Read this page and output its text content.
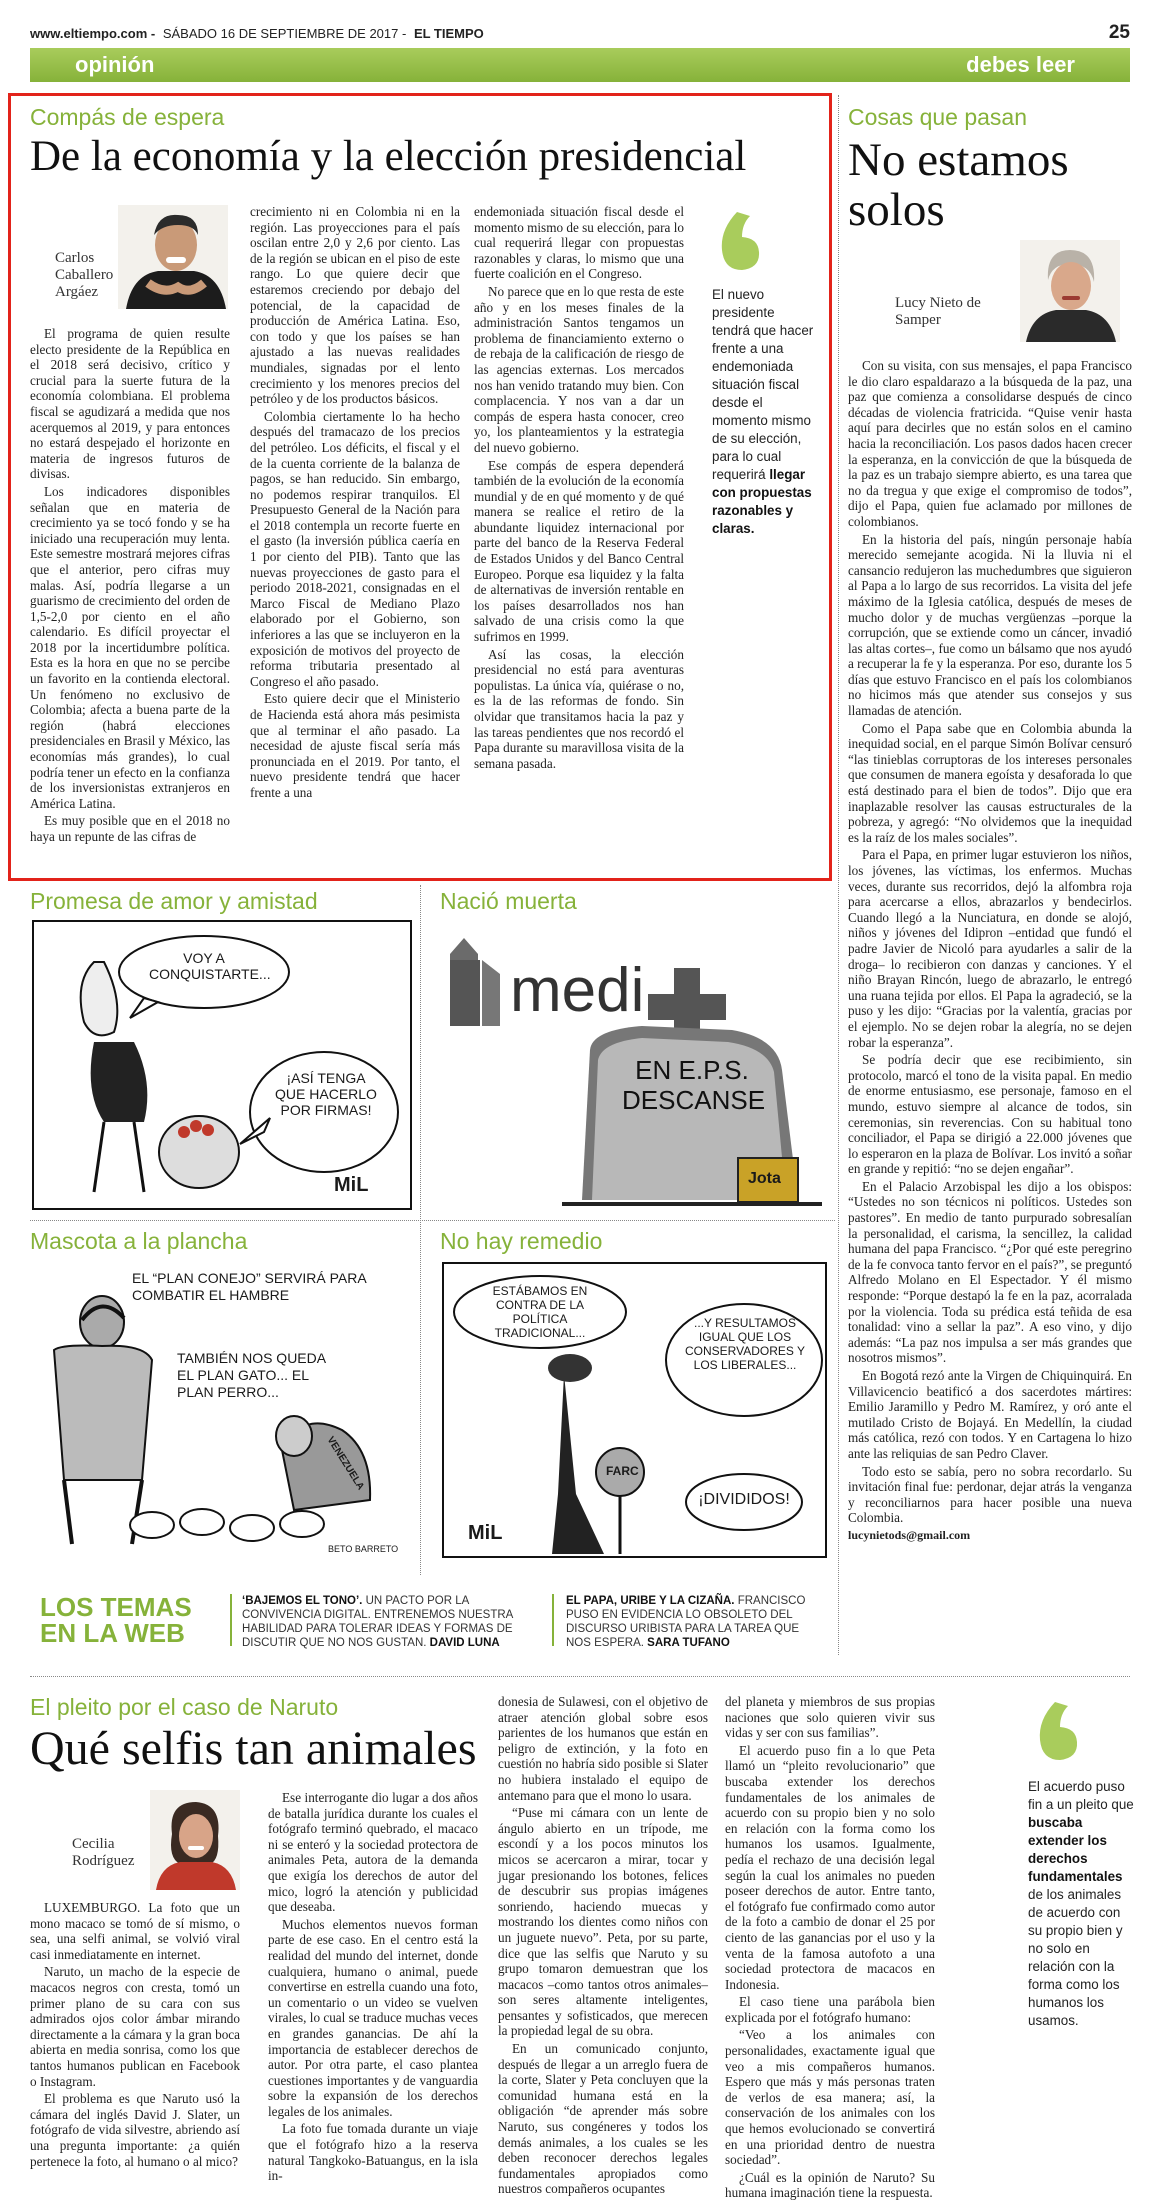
www.eltiempo.com - SÁBADO 16 DE SEPTIEMBRE DE 2017 - EL TIEMPO	25
opinión	debes leer
Compás de espera
De la economía y la elección presidencial
Carlos Caballero Argáez

El programa de quien resulte electo presidente de la República en el 2018 será decisivo, crítico y crucial para la suerte futura de la economía colombiana. El problema fiscal se agudizará a medida que nos acerquemos al 2019, y para entonces no estará despejado el horizonte en materia de ingresos futuros de divisas.

Los indicadores disponibles señalan que en materia de crecimiento ya se tocó fondo y se ha iniciado una recuperación muy lenta. Este semestre mostrará mejores cifras que el anterior, pero cifras muy malas. Así, podría llegarse a un guarismo de crecimiento del orden de 1,5-2,0 por ciento en el año calendario. Es difícil proyectar el 2018 por la incertidumbre política. Esta es la hora en que no se percibe un favorito en la contienda electoral. Un fenómeno no exclusivo de Colombia; afecta a buena parte de la región (habrá elecciones presidenciales en Brasil y México, las economías más grandes), lo cual podría tener un efecto en la confianza de los inversionistas extranjeros en América Latina.

Es muy posible que en el 2018 no haya un repunte de las cifras de

crecimiento ni en Colombia ni en la región. Las proyecciones para el país oscilan entre 2,0 y 2,6 por ciento. Las de la región se ubican en el piso de este rango. Lo que quiere decir que estaremos creciendo por debajo del potencial, de la capacidad de producción de América Latina. Eso, con todo y que los países se han ajustado a las nuevas realidades mundiales, signadas por el lento crecimiento y los menores precios del petróleo y de los productos básicos.

Colombia ciertamente lo ha hecho después del tramacazo de los precios del petróleo. Los déficits, el fiscal y el de la cuenta corriente de la balanza de pagos, se han reducido. Sin embargo, no podemos respirar tranquilos. El Presupuesto General de la Nación para el 2018 contempla un recorte fuerte en el gasto (la inversión pública caería en 1 por ciento del PIB). Tanto que las nuevas proyecciones de gasto para el periodo 2018-2021, consignadas en el Marco Fiscal de Mediano Plazo elaborado por el Gobierno, son inferiores a las que se incluyeron en la exposición de motivos del proyecto de reforma tributaria presentado al Congreso el año pasado.

Esto quiere decir que el Ministerio de Hacienda está ahora más pesimista que al terminar el año pasado. La necesidad de ajuste fiscal sería más pronunciada en el 2019. Por tanto, el nuevo presidente tendrá que hacer frente a una

endemoniada situación fiscal desde el momento mismo de su elección, para lo cual requerirá llegar con propuestas razonables y claras, lo mismo que una fuerte coalición en el Congreso.

No parece que en lo que resta de este año y en los meses finales de la administración Santos tengamos un problema de financiamiento externo o de rebaja de la calificación de riesgo de las agencias externas. Los mercados nos han venido tratando muy bien. Con complacencia. Y nos van a dar un compás de espera hasta conocer, creo yo, los planteamientos y la estrategia del nuevo gobierno.

Ese compás de espera dependerá también de la evolución de la economía mundial y de en qué momento y de qué manera se realice el retiro de la abundante liquidez internacional por parte del banco de la Reserva Federal de Estados Unidos y del Banco Central Europeo. Porque esa liquidez y la falta de alternativas de inversión rentable en los países desarrollados nos han salvado de una crisis como la que sufrimos en 1999.

Así las cosas, la elección presidencial no está para aventuras populistas. La única vía, quiérase o no, es la de las reformas de fondo. Sin olvidar que transitamos hacia la paz y las tareas pendientes que nos recordó el Papa durante su maravillosa visita de la semana pasada.

El nuevo presidente tendrá que hacer frente a una endemoniada situación fiscal desde el momento mismo de su elección, para lo cual requerirá llegar con propuestas razonables y claras.
Cosas que pasan
No estamos solos
Lucy Nieto de Samper

Con su visita, con sus mensajes, el papa Francisco le dio claro espaldarazo a la búsqueda de la paz, una paz que comienza a consolidarse después de cinco décadas de violencia fratricida. “Quise venir hasta aquí para decirles que no están solos en el camino hacia la reconciliación. Los pasos dados hacen crecer la esperanza, en la convicción de que la búsqueda de la paz es un trabajo siempre abierto, es una tarea que no da tregua y que exige el compromiso de todos”, dijo el Papa, quien fue aclamado por millones de colombianos.

En la historia del país, ningún personaje había merecido semejante acogida. Ni la lluvia ni el cansancio redujeron las muchedumbres que siguieron al Papa a lo largo de sus recorridos. La visita del jefe máximo de la Iglesia católica, después de meses de mucho dolor y de muchas vergüenzas –porque la corrupción, que se extiende como un cáncer, invadió las altas cortes–, fue como un bálsamo que nos ayudó a recuperar la fe y la esperanza. Por eso, durante los 5 días que estuvo Francisco en el país los colombianos no hicimos más que atender sus consejos y sus llamadas de atención.

Como el Papa sabe que en Colombia abunda la inequidad social, en el parque Simón Bolívar censuró “las tinieblas corruptoras de los intereses personales que consumen de manera egoísta y desaforada lo que está destinado para el bien de todos”. Dijo que era inaplazable resolver las causas estructurales de la pobreza, y agregó: “No olvidemos que la inequidad es la raíz de los males sociales”.

Para el Papa, en primer lugar estuvieron los niños, los jóvenes, las víctimas, los enfermos. Muchas veces, durante sus recorridos, dejó la alfombra roja para acercarse a ellos, abrazarlos y bendecirlos. Cuando llegó a la Nunciatura, en donde se alojó, niños y jóvenes del Idipron –entidad que fundó el padre Javier de Nicoló para ayudarles a salir de la droga– lo recibieron con danzas y canciones. Y el niño Brayan Rincón, luego de abrazarlo, le entregó una ruana tejida por ellos. El Papa la agradeció, se la puso y les dijo: “Gracias por la valentía, gracias por el ejemplo. No se dejen robar la alegría, no se dejen robar la esperanza”.

Se podría decir que ese recibimiento, sin protocolo, marcó el tono de la visita papal. En medio de enorme entusiasmo, ese personaje, famoso en el mundo, estuvo siempre al alcance de todos, sin ceremonias, sin reverencias. Con su habitual tono conciliador, el Papa se dirigió a 22.000 jóvenes que lo esperaron en la plaza de Bolívar. Los invitó a soñar en grande y repitió: “no se dejen engañar”.

En el Palacio Arzobispal les dijo a los obispos: “Ustedes no son técnicos ni políticos. Ustedes son pastores”. En medio de tanto purpurado sobresalían la personalidad, el carisma, la sencillez, la calidad humana del papa Francisco. “¿Por qué este peregrino de la fe convoca tanto fervor en el país?”, se preguntó Alfredo Molano en El Espectador. Y él mismo responde: “Porque destapó la fe en la paz, acorralada por la violencia. Toda su prédica está teñida de esa tonalidad: vino a sellar la paz”. A eso vino, y dijo además: “La paz nos impulsa a ser más grandes que nosotros mismos”.

En Bogotá rezó ante la Virgen de Chiquinquirá. En Villavicencio beatificó a dos sacerdotes mártires: Emilio Jaramillo y Pedro M. Ramírez, y oró ante el mutilado Cristo de Bojayá. En Medellín, la ciudad más católica, rezó con todos. Y en Cartagena lo hizo ante las reliquias de san Pedro Claver.

Todo esto se sabía, pero no sobra recordarlo. Su invitación final fue: perdonar, dejar atrás la venganza y reconciliarnos para hacer posible una nueva Colombia.

lucynietods@gmail.com

Promesa de amor y amistad
VOY A CONQUISTARTE...
¡ASÍ TENGA QUE HACERLO POR FIRMAS!
MiL
Nació muerta
medi
EN E.P.S. DESCANSE
Jota
Mascota a la plancha
EL “PLAN CONEJO” SERVIRÁ PARA COMBATIR EL HAMBRE
TAMBIÉN NOS QUEDA EL PLAN GATO... EL PLAN PERRO...
VENEZUELA
BETO BARRETO
No hay remedio
ESTÁBAMOS EN CONTRA DE LA POLÍTICA TRADICIONAL...
...Y RESULTAMOS IGUAL QUE LOS CONSERVADORES Y LOS LIBERALES...
¡DIVIDIDOS!
FARC
MiL
LOS TEMAS
EN LA WEB
‘BAJEMOS EL TONO’. UN PACTO POR LA CONVIVENCIA DIGITAL. ENTRENEMOS NUESTRA HABILIDAD PARA TOLERAR IDEAS Y FORMAS DE DISCUTIR QUE NO NOS GUSTAN. DAVID LUNA
EL PAPA, URIBE Y LA CIZAÑA. FRANCISCO PUSO EN EVIDENCIA LO OBSOLETO DEL DISCURSO URIBISTA PARA LA TAREA QUE NOS ESPERA. SARA TUFANO
El pleito por el caso de Naruto
Qué selfis tan animales
Cecilia Rodríguez

LUXEMBURGO. La foto que un mono macaco se tomó de sí mismo, o sea, una selfi animal, se volvió viral casi inmediatamente en internet.

Naruto, un macho de la especie de macacos negros con cresta, tomó un primer plano de su cara con sus admirados ojos color ámbar mirando directamente a la cámara y la gran boca abierta en media sonrisa, como los que tantos humanos publican en Facebook o Instagram.

El problema es que Naruto usó la cámara del inglés David J. Slater, un fotógrafo de vida silvestre, abriendo así una pregunta importante: ¿a quién pertenece la foto, al humano o al mico?

Ese interrogante dio lugar a dos años de batalla jurídica durante los cuales el fotógrafo terminó quebrado, el macaco ni se enteró y la sociedad protectora de animales Peta, autora de la demanda que exigía los derechos de autor del mico, logró la atención y publicidad que deseaba.

Muchos elementos nuevos forman parte de ese caso. En el centro está la realidad del mundo del internet, donde cualquiera, humano o animal, puede convertirse en estrella cuando una foto, un comentario o un video se vuelven virales, lo cual se traduce muchas veces en grandes ganancias. De ahí la importancia de establecer derechos de autor. Por otra parte, el caso plantea cuestiones importantes y de vanguardia sobre la expansión de los derechos legales de los animales.

La foto fue tomada durante un viaje que el fotógrafo hizo a la reserva natural Tangkoko-Batuangus, en la isla in-

donesia de Sulawesi, con el objetivo de atraer atención global sobre esos parientes de los humanos que están en peligro de extinción, y la foto en cuestión no habría sido posible si Slater no hubiera instalado el equipo de antemano para que el mono lo usara.

“Puse mi cámara con un lente de ángulo abierto en un trípode, me escondí y a los pocos minutos los micos se acercaron a mirar, tocar y jugar presionando los botones, felices de descubrir sus propias imágenes sonriendo, haciendo muecas y mostrando los dientes como niños con un juguete nuevo”. Peta, por su parte, dice que las selfis que Naruto y su grupo tomaron demuestran que los macacos –como tantos otros animales– son seres altamente inteligentes, pensantes y sofisticados, que merecen la propiedad legal de su obra.

En un comunicado conjunto, después de llegar a un arreglo fuera de la corte, Slater y Peta concluyen que la comunidad humana está en la obligación “de aprender más sobre Naruto, sus congéneres y todos los demás animales, a los cuales se les deben reconocer derechos legales fundamentales apropiados como nuestros compañeros ocupantes

del planeta y miembros de sus propias naciones que solo quieren vivir sus vidas y ser con sus familias”.

El acuerdo puso fin a lo que Peta llamó un “pleito revolucionario” que buscaba extender los derechos fundamentales de los animales de acuerdo con su propio bien y no solo en relación con la forma como los humanos los usamos. Igualmente, pedía el rechazo de una decisión legal según la cual los animales no pueden poseer derechos de autor. Entre tanto, el fotógrafo fue confirmado como autor de la foto a cambio de donar el 25 por ciento de las ganancias por el uso y la venta de la famosa autofoto a una sociedad protectora de macacos en Indonesia.

El caso tiene una parábola bien explicada por el fotógrafo humano:

“Veo a los animales con personalidades, exactamente igual que veo a mis compañeros humanos. Espero que más y más personas traten de verlos de esa manera; así, la conservación de los animales con los que hemos evolucionado se convertirá en una prioridad dentro de nuestra sociedad”.

¿Cuál es la opinión de Naruto? Su humana imaginación tiene la respuesta.

El acuerdo puso fin a un pleito que buscaba extender los derechos fundamentales de los animales de acuerdo con su propio bien y no solo en relación con la forma como los humanos los usamos.
